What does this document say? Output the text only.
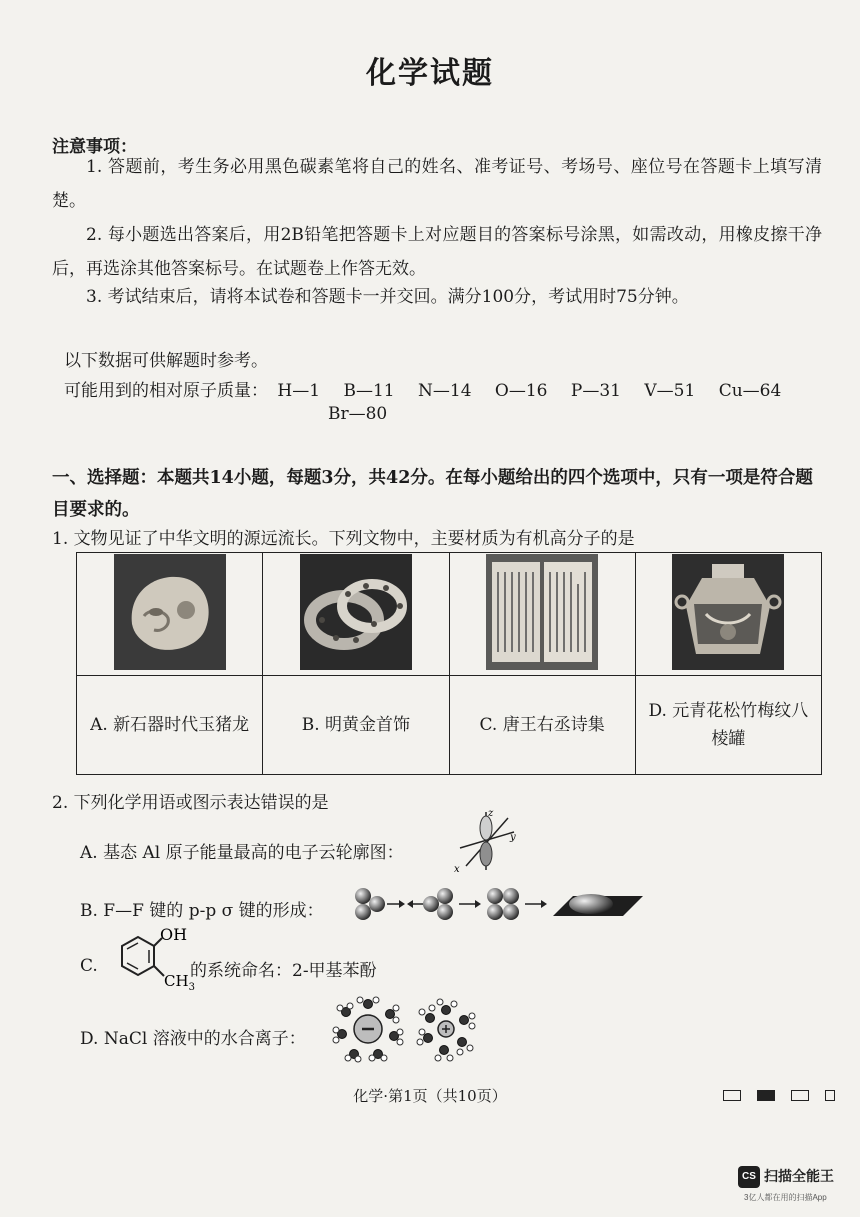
化学试题
注意事项：
1. 答题前，考生务必用黑色碳素笔将自己的姓名、准考证号、考场号、座位号在答题卡上填写清楚。
2. 每小题选出答案后，用2B铅笔把答题卡上对应题目的答案标号涂黑，如需改动，用橡皮擦干净后，再选涂其他答案标号。在试题卷上作答无效。
3. 考试结束后，请将本试卷和答题卡一并交回。满分100分，考试用时75分钟。
以下数据可供解题时参考。
可能用到的相对原子质量： H—1 B—11 N—14 O—16 P—31 V—51 Cu—64
Br—80
一、选择题：本题共14小题，每题3分，共42分。在每小题给出的四个选项中，只有一项是符合题目要求的。
1. 文物见证了中华文明的源远流长。下列文物中，主要材质为有机高分子的是

A. 新石器时代玉猪龙	B. 明黄金首饰	C. 唐王右丞诗集	D. 元青花松竹梅纹八棱罐
2. 下列化学用语或图示表达错误的是
A. 基态 Al 原子能量最高的电子云轮廓图：
z
y
x
B. F—F 键的 p-p σ 键的形成：
C.
OH
$CH_3$
的系统命名：2-甲基苯酚
D. NaCl 溶液中的水合离子：
化学·第1页（共10页）
CS 扫描全能王
3亿人都在用的扫描App
